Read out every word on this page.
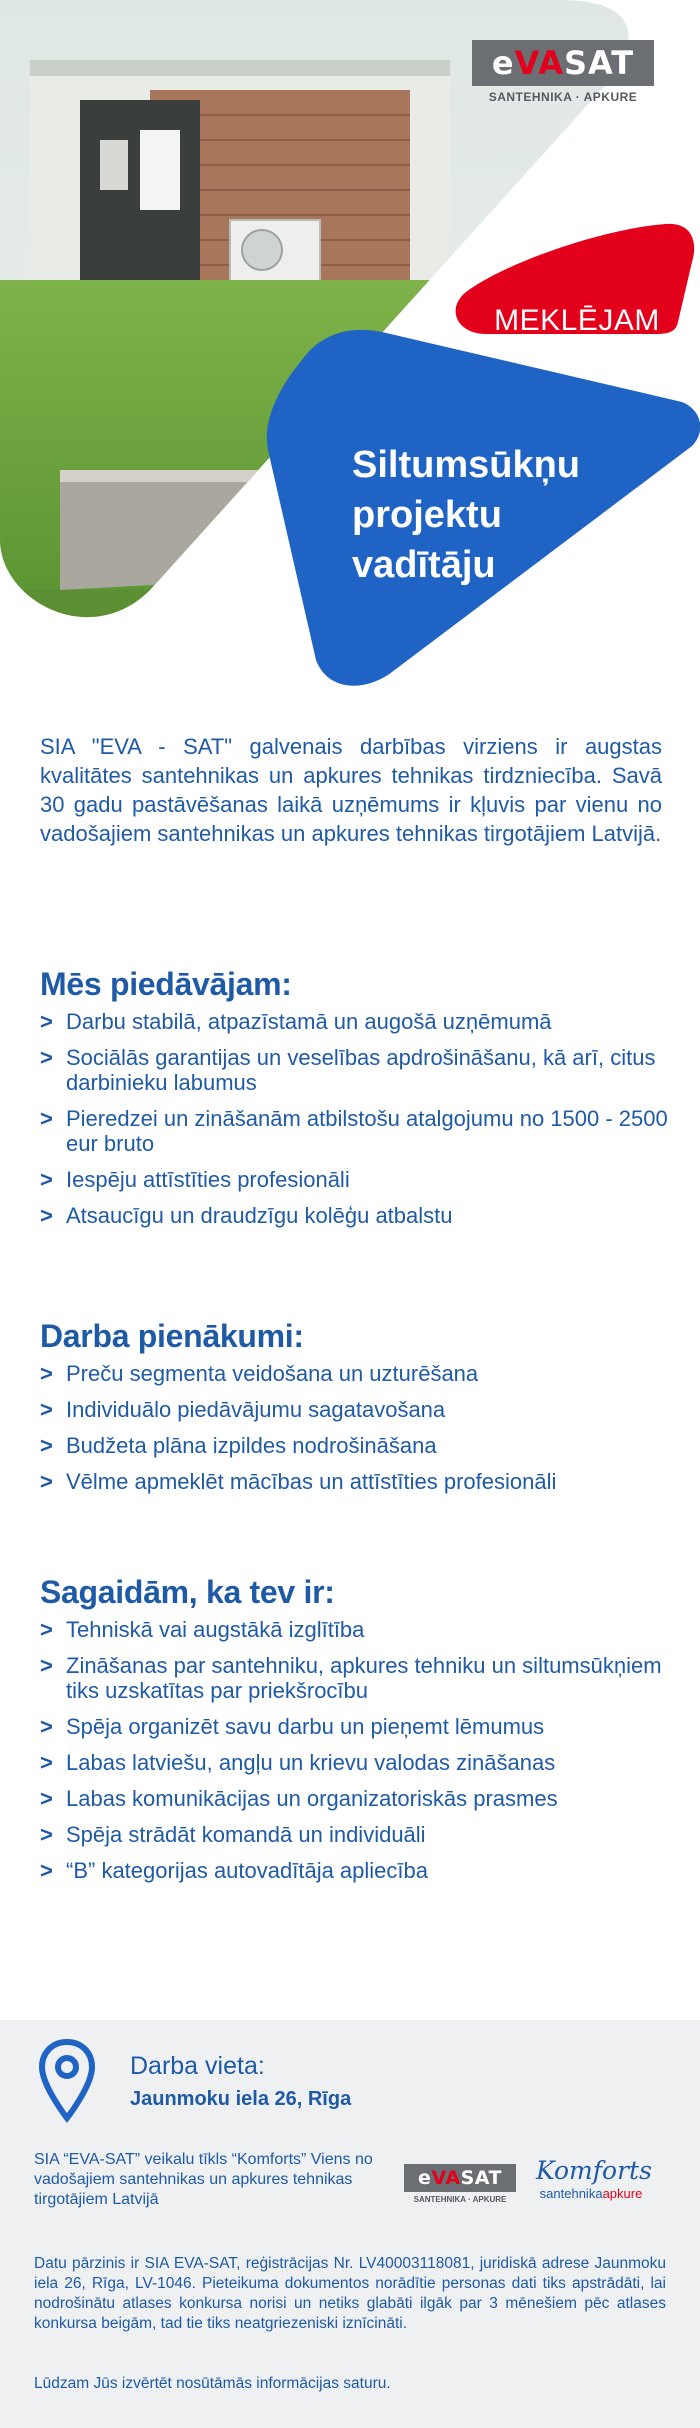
e VA SAT
SANTEHNIKA · APKURE
MEKLĒJAM
Siltumsūkņu
projektu
vadītāju

SIA "EVA - SAT" galvenais darbības virziens ir augstas kvalitātes santehnikas un apkures tehnikas tirdzniecība. Savā 30 gadu pastāvēšanas laikā uzņēmums ir kļuvis par vienu no vadošajiem santehnikas un apkures tehnikas tirgotājiem Latvijā.

Mēs piedāvājam:
> Darbu stabilā, atpazīstamā un augošā uzņēmumā
> Sociālās garantijas un veselības apdrošināšanu, kā arī, citus darbinieku labumus
> Pieredzei un zināšanām atbilstošu atalgojumu no 1500 - 2500 eur bruto
> Iespēju attīstīties profesionāli
> Atsaucīgu un draudzīgu kolēģu atbalstu
Darba pienākumi:
> Preču segmenta veidošana un uzturēšana
> Individuālo piedāvājumu sagatavošana
> Budžeta plāna izpildes nodrošināšana
> Vēlme apmeklēt mācības un attīstīties profesionāli
Sagaidām, ka tev ir:
> Tehniskā vai augstākā izglītība
> Zināšanas par santehniku, apkures tehniku un siltumsūkņiem tiks uzskatītas par priekšrocību
> Spēja organizēt savu darbu un pieņemt lēmumus
> Labas latviešu, angļu un krievu valodas zināšanas
> Labas komunikācijas un organizatoriskās prasmes
> Spēja strādāt komandā un individuāli
> “B” kategorijas autovadītāja apliecība
Darba vieta:
Jaunmoku iela 26, Rīga
SIA “EVA-SAT” veikalu tīkls “Komforts” Viens no vadošajiem santehnikas un apkures tehnikas tirgotājiem Latvijā
e VA SAT
SANTEHNIKA · APKURE
Komforts
santehnikaapkure
Datu pārzinis ir SIA EVA-SAT, reģistrācijas Nr. LV40003118081, juridiskā adrese Jaunmoku iela 26, Rīga, LV-1046. Pieteikuma dokumentos norādītie personas dati tiks apstrādāti, lai nodrošinātu atlases konkursa norisi un netiks glabāti ilgāk par 3 mēnešiem pēc atlases konkursa beigām, tad tie tiks neatgriezeniski iznīcināti.
Lūdzam Jūs izvērtēt nosūtāmās informācijas saturu.
